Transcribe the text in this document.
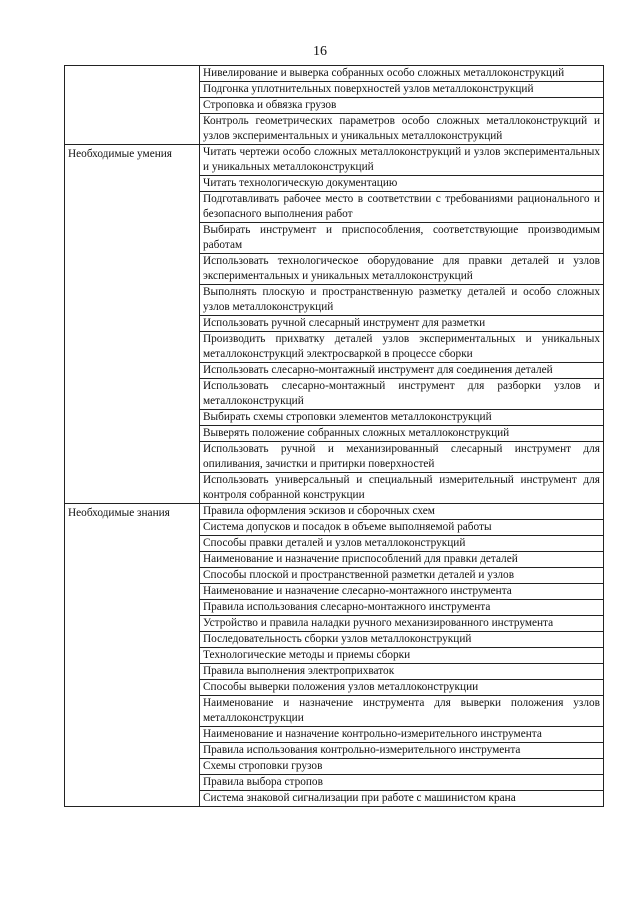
16
	Нивелирование и выверка собранных особо сложных металлоконструкций
	Подгонка уплотнительных поверхностей узлов металлоконструкций
	Строповка и обвязка грузов
	Контроль геометрических параметров особо сложных металлоконструкций и узлов экспериментальных и уникальных металлоконструкций
Необходимые умения	Читать чертежи особо сложных металлоконструкций и узлов экспериментальных и уникальных металлоконструкций
	Читать технологическую документацию
	Подготавливать рабочее место в соответствии с требованиями рационального и безопасного выполнения работ
	Выбирать инструмент и приспособления, соответствующие производимым работам
	Использовать технологическое оборудование для правки деталей и узлов экспериментальных и уникальных металлоконструкций
	Выполнять плоскую и пространственную разметку деталей и особо сложных узлов металлоконструкций
	Использовать ручной слесарный инструмент для разметки
	Производить прихватку деталей узлов экспериментальных и уникальных металлоконструкций электросваркой в процессе сборки
	Использовать слесарно-монтажный инструмент для соединения деталей
	Использовать слесарно-монтажный инструмент для разборки узлов и металлоконструкций
	Выбирать схемы строповки элементов металлоконструкций
	Выверять положение собранных сложных металлоконструкций
	Использовать ручной и механизированный слесарный инструмент для опиливания, зачистки и притирки поверхностей
	Использовать универсальный и специальный измерительный инструмент для контроля собранной конструкции
Необходимые знания	Правила оформления эскизов и сборочных схем
	Система допусков и посадок в объеме выполняемой работы
	Способы правки деталей и узлов металлоконструкций
	Наименование и назначение приспособлений для правки деталей
	Способы плоской и пространственной разметки деталей и узлов
	Наименование и назначение слесарно-монтажного инструмента
	Правила использования слесарно-монтажного инструмента
	Устройство и правила наладки ручного механизированного инструмента
	Последовательность сборки узлов металлоконструкций
	Технологические методы и приемы сборки
	Правила выполнения электроприхваток
	Способы выверки положения узлов металлоконструкции
	Наименование и назначение инструмента для выверки положения узлов металлоконструкции
	Наименование и назначение контрольно-измерительного инструмента
	Правила использования контрольно-измерительного инструмента
	Схемы строповки грузов
	Правила выбора стропов
	Система знаковой сигнализации при работе с машинистом крана
